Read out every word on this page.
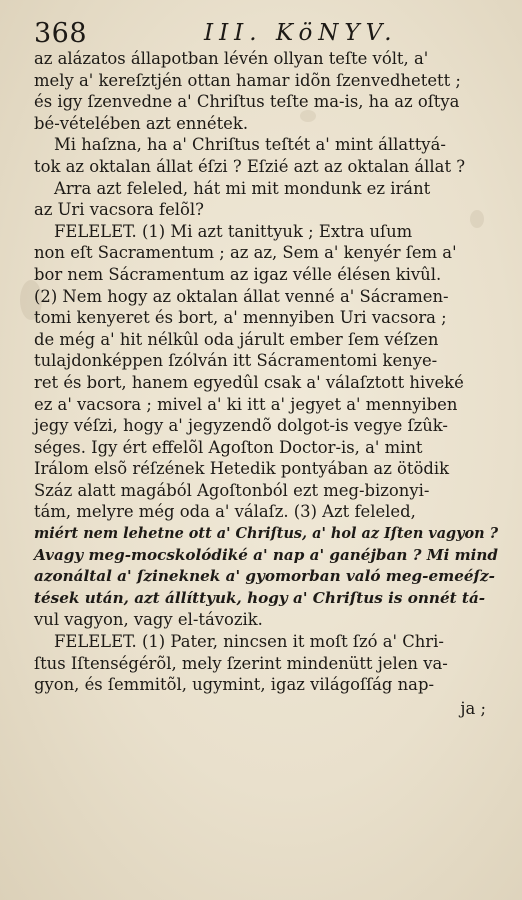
368	III. KöNYV.
az alázatos állapotban lévén ollyan teſte vólt, a'
mely a' kereſztjén ottan hamar idõn ſzenvedhetett ;
és igy ſzenvedne a' Chriſtus teſte ma-is, ha az oſtya
bé-vételében azt ennétek.
Mi haſzna, ha a' Chriſtus teſtét a' mint állattyá-
tok az oktalan állat éſzi ? Eſzié azt az oktalan állat ?
Arra azt feleled, hát mi mit mondunk ez iránt
az Uri vacsora felõl?
FELELET. (1) Mi azt tanittyuk ; Extra uſum
non eſt Sacramentum ; az az, Sem a' kenyér ſem a'
bor nem Sácramentum az igaz vélle élésen kivûl.
(2) Nem hogy az oktalan állat venné a' Sácramen-
tomi kenyeret és bort, a' mennyiben Uri vacsora ;
de még a' hit nélkûl oda járult ember ſem véſzen
tulajdonképpen ſzólván itt Sácramentomi kenye-
ret és bort, hanem egyedûl csak a' válaſztott hiveké
ez a' vacsora ; mivel a' ki itt a' jegyet a' mennyiben
jegy véſzi, hogy a' jegyzendõ dolgot-is vegye ſzûk-
séges. Igy ért effelõl Agoſton Doctor-is, a' mint
Irálom elsõ réſzének Hetedik pontyában az ötödik
Száz alatt magából Agoſtonból ezt meg-bizonyi-
tám, melyre még oda a' válaſz. (3) Azt feleled,
miért nem lehetne ott a' Chriſtus, a' hol az Iſten vagyon ?
Avagy meg-mocskolódiké a' nap a' ganéjban ? Mi mind
azonáltal a' ſzineknek a' gyomorban való meg-emeéſz-
tések után, azt állíttyuk, hogy a' Chriſtus is onnét tá-
vul vagyon, vagy el-távozik.
FELELET. (1) Pater, nincsen it moſt ſzó a' Chri-
ſtus Iſtenségérõl, mely ſzerint mindenütt jelen va-
gyon, és ſemmitõl, ugymint, igaz világoſſág nap-
ja ;
